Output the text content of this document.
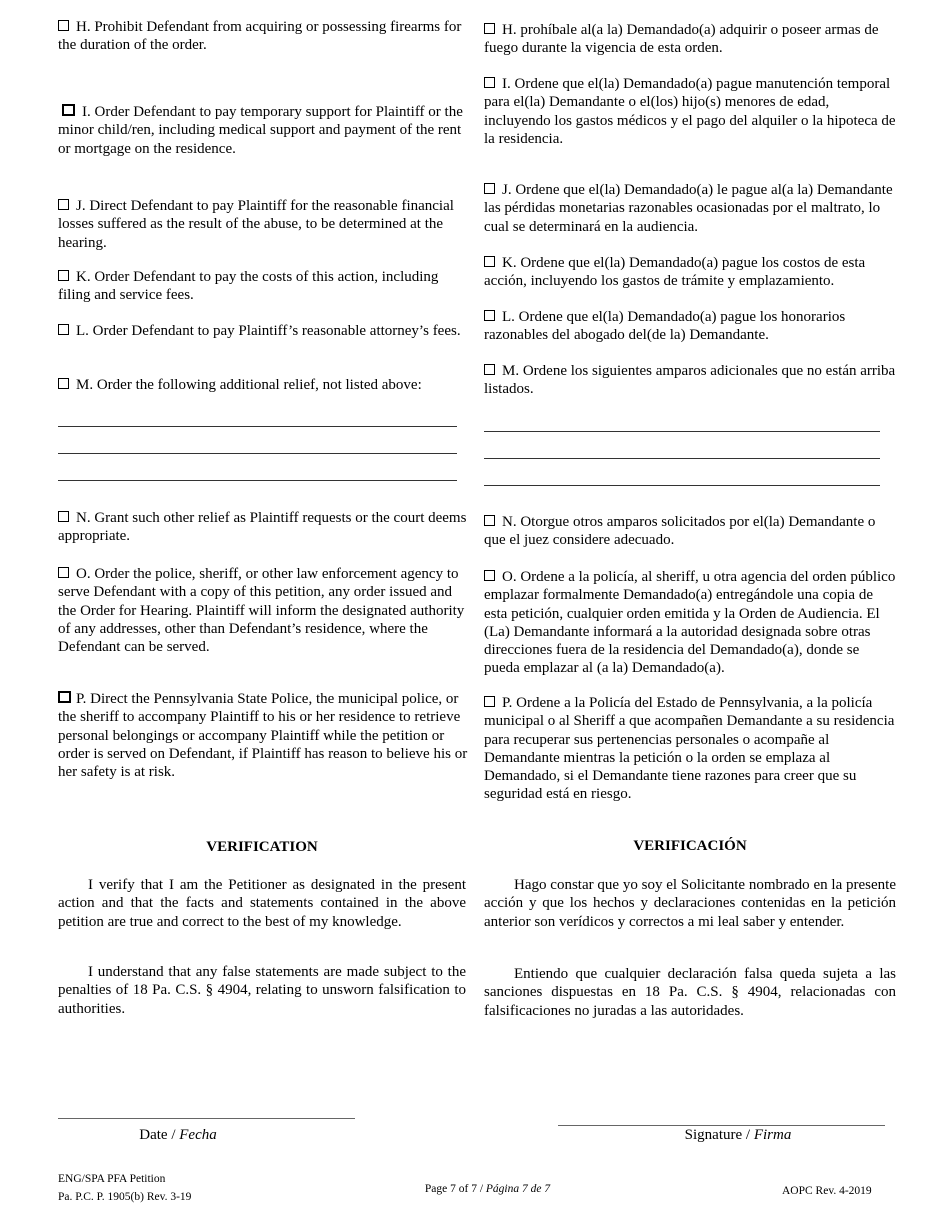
H. Prohibit Defendant from acquiring or possessing firearms for the duration of the order.
I. Order Defendant to pay temporary support for Plaintiff or the minor child/ren, including medical support and payment of the rent or mortgage on the residence.
J. Direct Defendant to pay Plaintiff for the reasonable financial losses suffered as the result of the abuse, to be determined at the hearing.
K. Order Defendant to pay the costs of this action, including filing and service fees.
L. Order Defendant to pay Plaintiff’s reasonable attorney’s fees.
M. Order the following additional relief, not listed above:
N. Grant such other relief as Plaintiff requests or the court deems appropriate.
O. Order the police, sheriff, or other law enforcement agency to serve Defendant with a copy of this petition, any order issued and the Order for Hearing. Plaintiff will inform the designated authority of any addresses, other than Defendant’s residence, where the Defendant can be served.
P. Direct the Pennsylvania State Police, the municipal police, or the sheriff to accompany Plaintiff to his or her residence to retrieve personal belongings or accompany Plaintiff while the petition or order is served on Defendant, if Plaintiff has reason to believe his or her safety is at risk.
H. prohíbale al(a la) Demandado(a) adquirir o poseer armas de fuego durante la vigencia de esta orden.
I. Ordene que el(la) Demandado(a) pague manutención temporal para el(la) Demandante o el(los) hijo(s) menores de edad, incluyendo los gastos médicos y el pago del alquiler o la hipoteca de la residencia.
J. Ordene que el(la) Demandado(a) le pague al(a la) Demandante las pérdidas monetarias razonables ocasionadas por el maltrato, lo cual se determinará en la audiencia.
K. Ordene que el(la) Demandado(a) pague los costos de esta acción, incluyendo los gastos de trámite y emplazamiento.
L. Ordene que el(la) Demandado(a) pague los honorarios razonables del abogado del(de la) Demandante.
M. Ordene los siguientes amparos adicionales que no están arriba listados.
N. Otorgue otros amparos solicitados por el(la) Demandante o que el juez considere adecuado.
O. Ordene a la policía, al sheriff, u otra agencia del orden público emplazar formalmente Demandado(a) entregándole una copia de esta petición, cualquier orden emitida y la Orden de Audiencia. El (La) Demandante informará a la autoridad designada sobre otras direcciones fuera de la residencia del Demandado(a), donde se pueda emplazar al (a la) Demandado(a).
P. Ordene a la Policía del Estado de Pennsylvania, a la policía municipal o al Sheriff a que acompañen Demandante a su residencia para recuperar sus pertenencias personales o acompañe al Demandante mientras la petición o la orden se emplaza al Demandado, si el Demandante tiene razones para creer que su seguridad está en riesgo.
VERIFICATION	VERIFICACIÓN
I verify that I am the Petitioner as designated in the present action and that the facts and statements contained in the above petition are true and correct to the best of my knowledge.
I understand that any false statements are made subject to the penalties of 18 Pa. C.S. § 4904, relating to unsworn falsification to authorities.
Hago constar que yo soy el Solicitante nombrado en la presente acción y que los hechos y declaraciones contenidas en la petición anterior son verídicos y correctos a mi leal saber y entender.
Entiendo que cualquier declaración falsa queda sujeta a las sanciones dispuestas en 18 Pa. C.S. § 4904, relacionadas con falsificaciones no juradas a las autoridades.
Date / Fecha	Signature / Firma
ENG/SPA PFA Petition
Pa. P.C. P. 1905(b) Rev. 3-19
Page 7 of 7 / Página 7 de 7	AOPC Rev. 4-2019
